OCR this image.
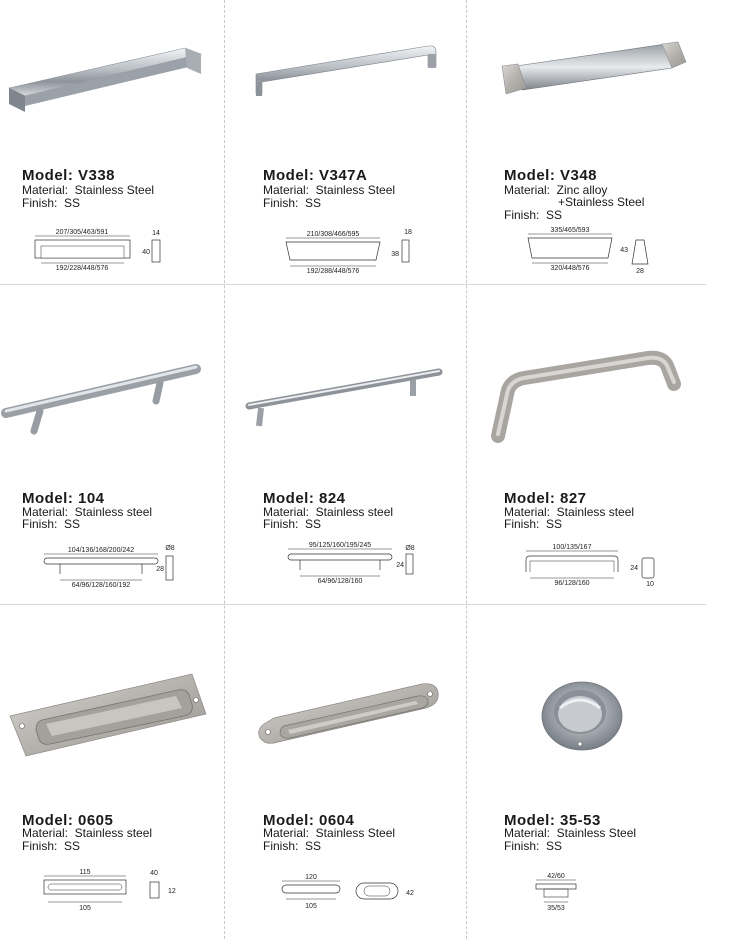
Model: V338
Material:  Stainless Steel
Finish:  SS
207/305/463/591
192/228/448/576
14
40
Model: V347A
Material:  Stainless Steel
Finish:  SS
210/308/466/595
192/288/448/576
18
38
Model: V348
Material:  Zinc alloy
+Stainless Steel
Finish:  SS
335/465/593
320/448/576
43
28
Model: 104
Material:  Stainless steel
Finish:  SS
104/136/168/200/242
64/96/128/160/192
Ø8
28
Model: 824
Material:  Stainless steel
Finish:  SS
95/125/160/195/245
64/96/128/160
Ø8
24
Model: 827
Material:  Stainless steel
Finish:  SS
100/135/167
96/128/160
24
10
Model: 0605
Material:  Stainless steel
Finish:  SS
115
105
40
12
Model: 0604
Material:  Stainless Steel
Finish:  SS
120
105
42
Model: 35-53
Material:  Stainless Steel
Finish:  SS
42/60
35/53
